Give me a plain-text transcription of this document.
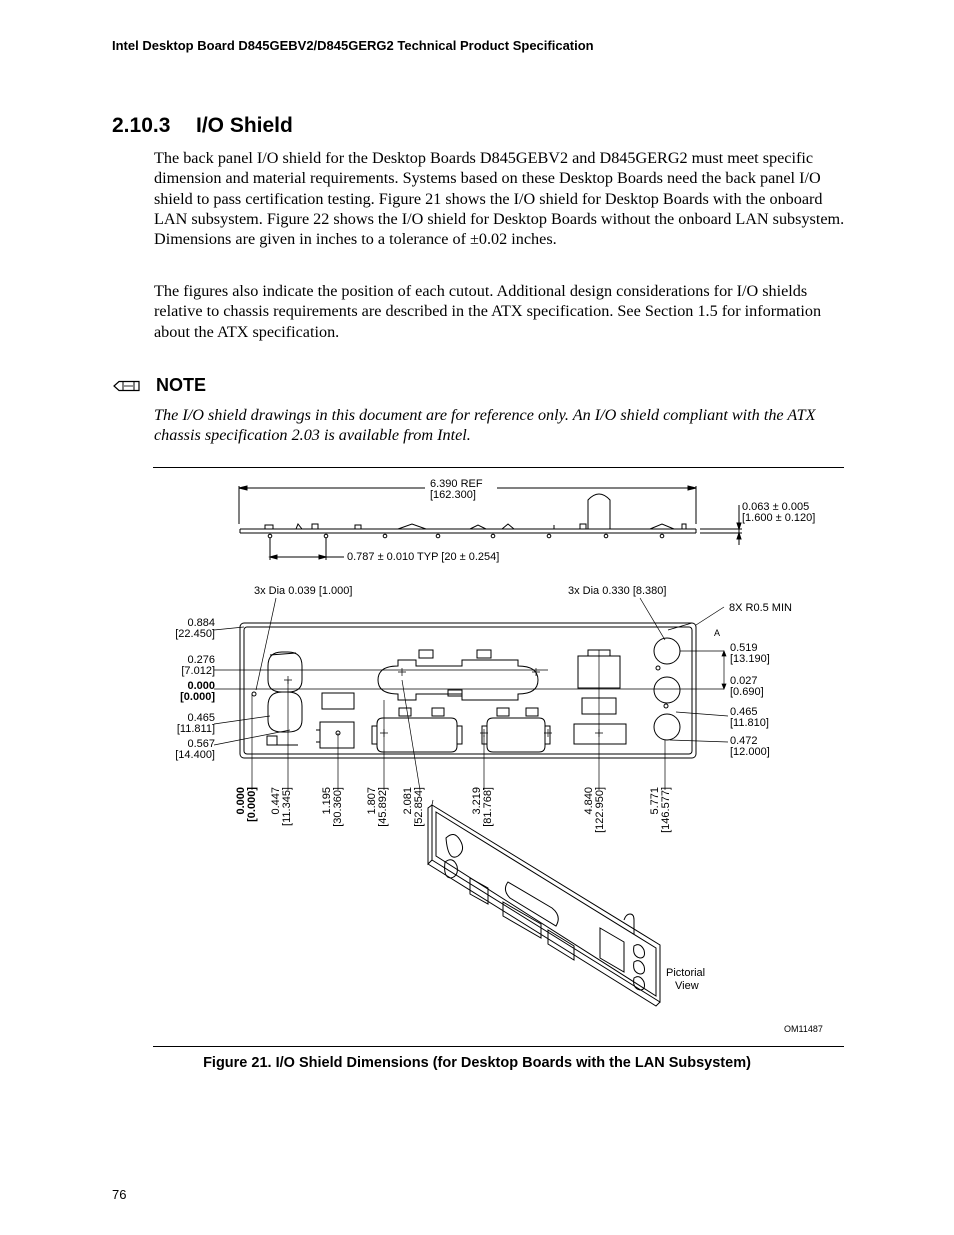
Intel Desktop Board D845GEBV2/D845GERG2 Technical Product Specification
2.10.3 I/O Shield

The back panel I/O shield for the Desktop Boards D845GEBV2 and D845GERG2 must meet specific dimension and material requirements. Systems based on these Desktop Boards need the back panel I/O shield to pass certification testing. Figure 21 shows the I/O shield for Desktop Boards with the onboard LAN subsystem. Figure 22 shows the I/O shield for Desktop Boards without the onboard LAN subsystem. Dimensions are given in inches to a tolerance of ±0.02 inches.

The figures also indicate the position of each cutout. Additional design considerations for I/O shields relative to chassis requirements are described in the ATX specification. See Section 1.5 for information about the ATX specification.

NOTE

The I/O shield drawings in this document are for reference only. An I/O shield compliant with the ATX chassis specification 2.03 is available from Intel.

6.390 REF
[162.300]
0.063 ± 0.005
[1.600 ± 0.120]
0.787 ± 0.010 TYP [20 ± 0.254]
3x Dia 0.039 [1.000]	3x Dia 0.330 [8.380]
8X R0.5 MIN
A
0.884
[22.450]
0.276
[7.012]
0.000
[0.000]
0.465
[11.811]
0.567
[14.400]
0.519
[13.190]
0.027
[0.690]
0.465
[11.810]
0.472
[12.000]
0.000 [0.000] 0.447 [11.345]	1.195 [30.360] 1.807 [45.892] 2.081 [52.854]	3.219 [81.768]	4.840 [122.950]	5.771 [146.577]
Pictorial
View
OM11487
Figure 21. I/O Shield Dimensions (for Desktop Boards with the LAN Subsystem)
76
